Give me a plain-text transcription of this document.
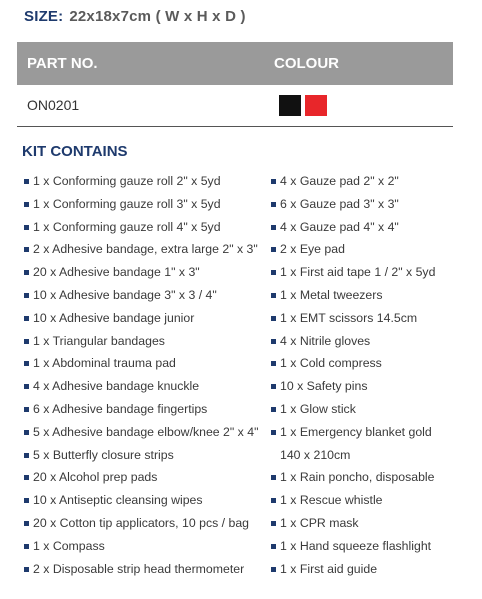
SIZE: 22x18x7cm ( W x H x D )
PART NO.	COLOUR
ON0201
KIT CONTAINS
1 x Conforming gauze roll 2" x 5yd
1 x Conforming gauze roll 3" x 5yd
1 x Conforming gauze roll 4" x 5yd
2 x Adhesive bandage, extra large 2" x 3"
20 x Adhesive bandage 1" x 3"
10 x Adhesive bandage 3" x 3 / 4"
10 x Adhesive bandage junior
1 x Triangular bandages
1 x Abdominal trauma pad
4 x Adhesive bandage knuckle
6 x Adhesive bandage fingertips
5 x Adhesive bandage elbow/knee 2" x 4"
5 x Butterfly closure strips
20 x Alcohol prep pads
10 x Antiseptic cleansing wipes
20 x Cotton tip applicators, 10 pcs / bag
1 x Compass
2 x Disposable strip head thermometer
4 x Gauze pad 2" x 2"
6 x Gauze pad 3" x 3"
4 x Gauze pad 4" x 4"
2 x Eye pad
1 x First aid tape 1 / 2" x 5yd
1 x Metal tweezers
1 x EMT scissors 14.5cm
4 x Nitrile gloves
1 x Cold compress
10 x Safety pins
1 x Glow stick
1 x Emergency blanket gold
140 x 210cm
1 x Rain poncho, disposable
1 x Rescue whistle
1 x CPR mask
1 x Hand squeeze flashlight
1 x First aid guide
